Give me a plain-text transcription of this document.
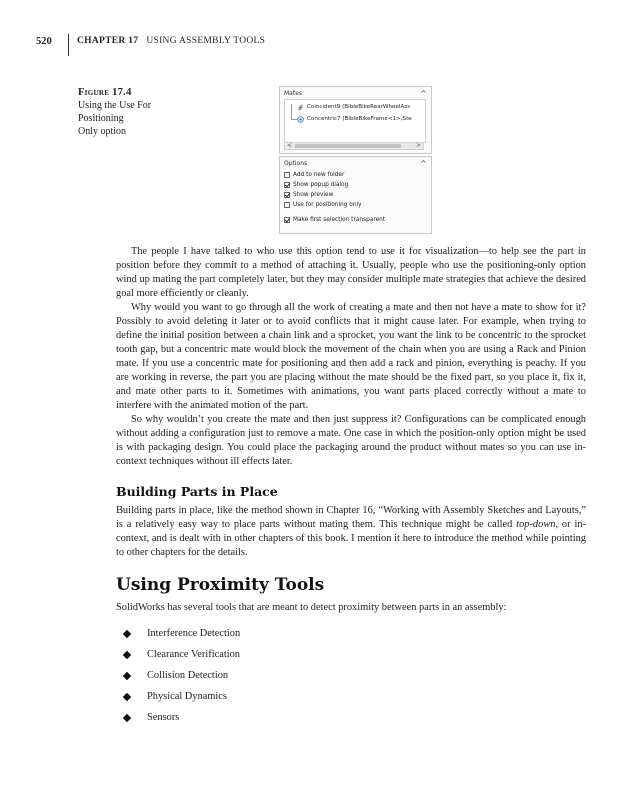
520	CHAPTER 17 USING ASSEMBLY TOOLS
Figure 17.4
Using the Use For
Positioning
Only option
Mates
Coincident9 (BibleBikeRearWheelAss
Concentric7 (BibleBikeFrame<1>,Ste
<	>
Options
Add to new folder
Show popup dialog
Show preview
Use for positioning only
Make first selection transparent

The people I have talked to who use this option tend to use it for visualization—to help see the part in position before they commit to a method of attaching it. Usually, people who use the positioning-only option wind up mating the part completely later, but they may consider multiple mate strategies that achieve the desired goal more efficiently or cleanly.

Why would you want to go through all the work of creating a mate and then not have a mate to show for it? Possibly to avoid deleting it later or to avoid conflicts that it might cause later. For example, when trying to define the initial position between a chain link and a sprocket, you want the link to be concentric to the sprocket tooth gap, but a concentric mate would block the movement of the chain when you are using a Rack and Pinion mate. If you use a concentric mate for positioning and then add a rack and pinion, everything is peachy. If you are working in reverse, the part you are placing without the mate should be the fixed part, so you place it, fix it, and mate other parts to it. Sometimes with animations, you want parts placed correctly without a mate to interfere with the animated motion of the part.

So why wouldn’t you create the mate and then just suppress it? Configurations can be complicated enough without adding a configuration just to remove a mate. One case in which the position-only option might be used is with packaging design. You could place the packaging around the product without mates so you can use in-context techniques without ill effects later.

Building Parts in Place

Building parts in place, like the method shown in Chapter 16, “Working with Assembly Sketches and Layouts,” is a relatively easy way to place parts without mating them. This technique might be called top-down, or in-context, and is dealt with in other chapters of this book. I mention it here to introduce the method while pointing to other chapters for the details.

Using Proximity Tools

SolidWorks has several tools that are meant to detect proximity between parts in an assembly:

Interference Detection
Clearance Verification
Collision Detection
Physical Dynamics
Sensors
